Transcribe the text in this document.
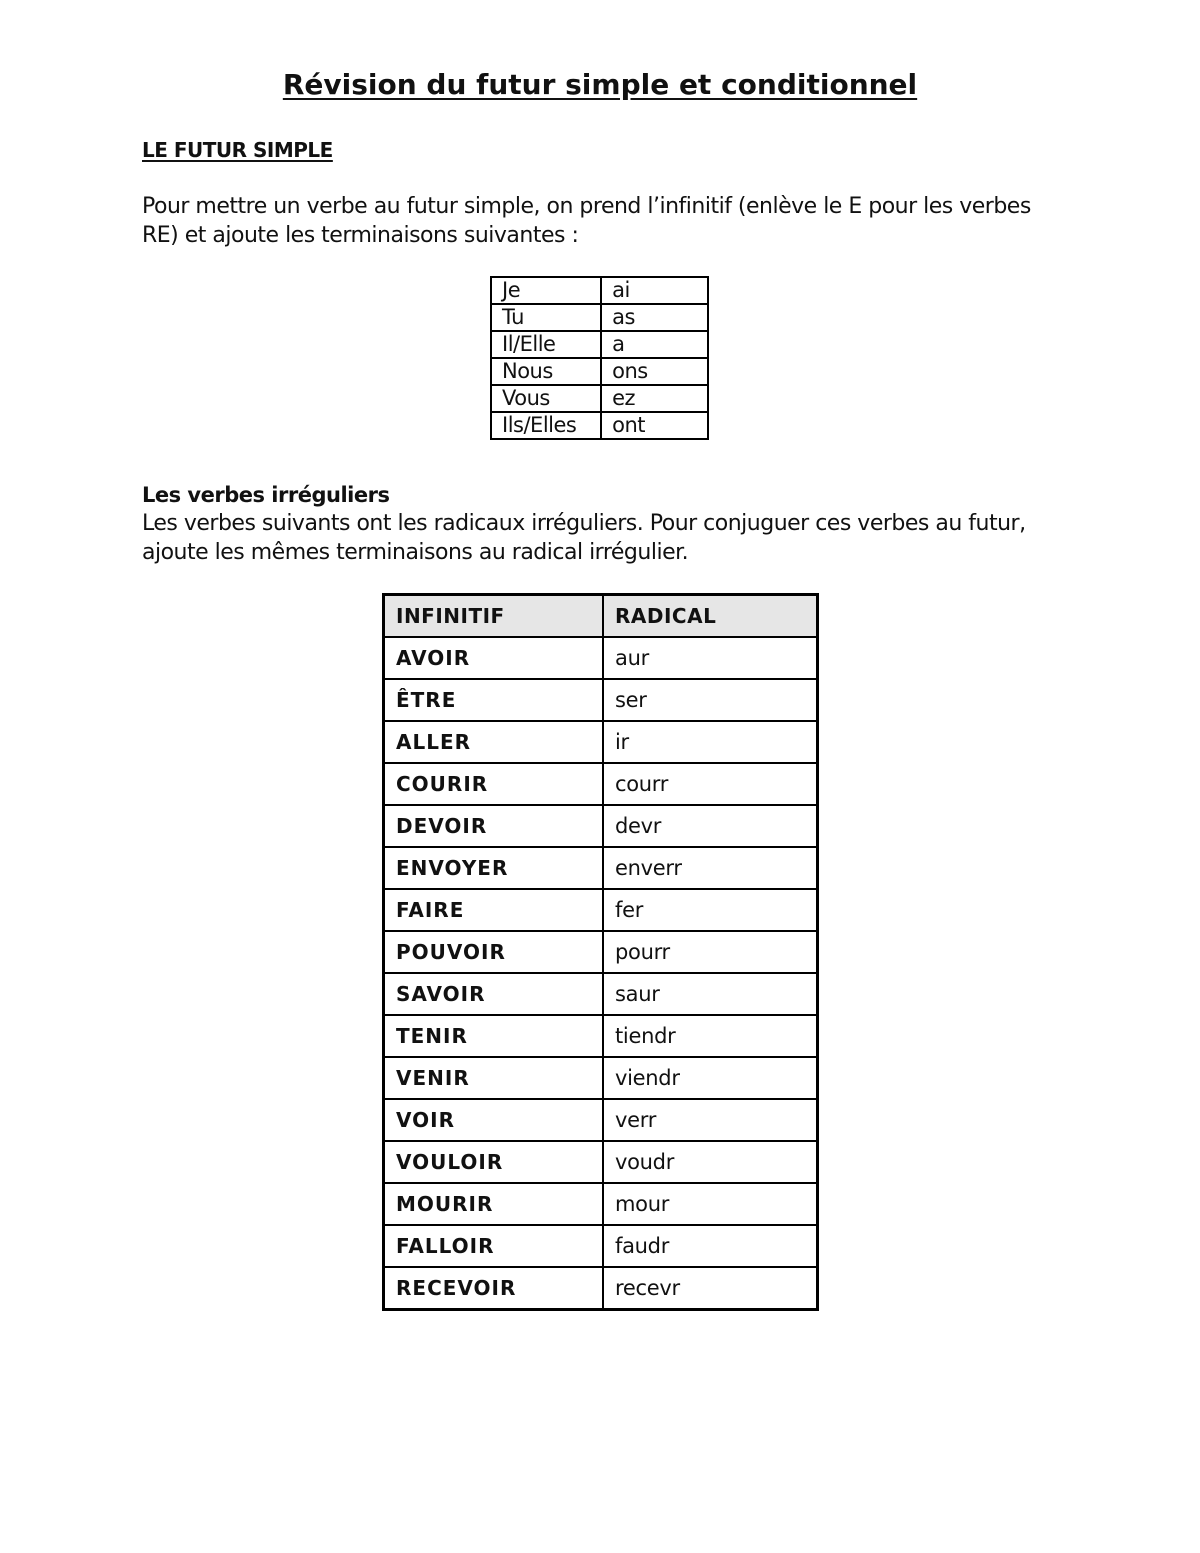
Révision du futur simple et conditionnel

LE FUTUR SIMPLE

Pour mettre un verbe au futur simple, on prend l’infinitif (enlève le E pour les verbes RE) et ajoute les terminaisons suivantes :

Je	ai
Tu	as
Il/Elle	a
Nous	ons
Vous	ez
Ils/Elles	ont

Les verbes irréguliers

Les verbes suivants ont les radicaux irréguliers. Pour conjuguer ces verbes au futur, ajoute les mêmes terminaisons au radical irrégulier.

INFINITIF	RADICAL
AVOIR	aur
ÊTRE	ser
ALLER	ir
COURIR	courr
DEVOIR	devr
ENVOYER	enverr
FAIRE	fer
POUVOIR	pourr
SAVOIR	saur
TENIR	tiendr
VENIR	viendr
VOIR	verr
VOULOIR	voudr
MOURIR	mour
FALLOIR	faudr
RECEVOIR	recevr
